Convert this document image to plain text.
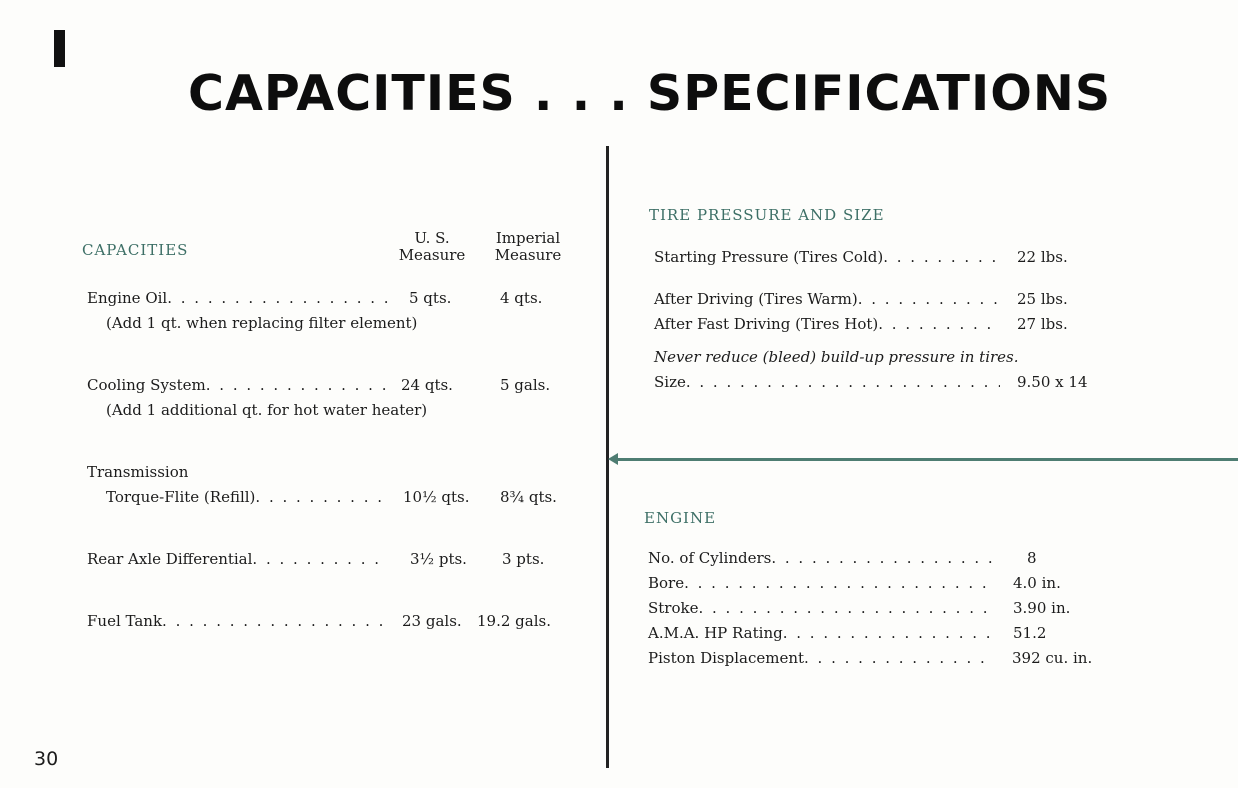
CAPACITIES . . . SPECIFICATIONS
CAPACITIES
U. S.
Measure
Imperial
Measure
Engine Oil . . .	5 qts.	4 qts.
(Add 1 qt. when replacing filter element)
Cooling System . . .	24 qts.	5 gals.
(Add 1 additional qt. for hot water heater)
Transmission
Torque-Flite (Refill) . . .	10½ qts. 8¾ qts.
Rear Axle Differential . . .	3½ pts. 3 pts.
Fuel Tank . . .	23 gals. 19.2 gals.
TIRE PRESSURE AND SIZE
Starting Pressure (Tires Cold) . . .	22 lbs.
After Driving (Tires Warm) . . .	25 lbs.
After Fast Driving (Tires Hot) . . .	27 lbs.
Never reduce (bleed) build-up pressure in tires.
Size . . .	9.50 x 14
ENGINE
No. of Cylinders . . .	8
Bore . . .	4.0 in.
Stroke . . .	3.90 in.
A.M.A. HP Rating . . .	51.2
Piston Displacement . . .	392 cu. in.
30
